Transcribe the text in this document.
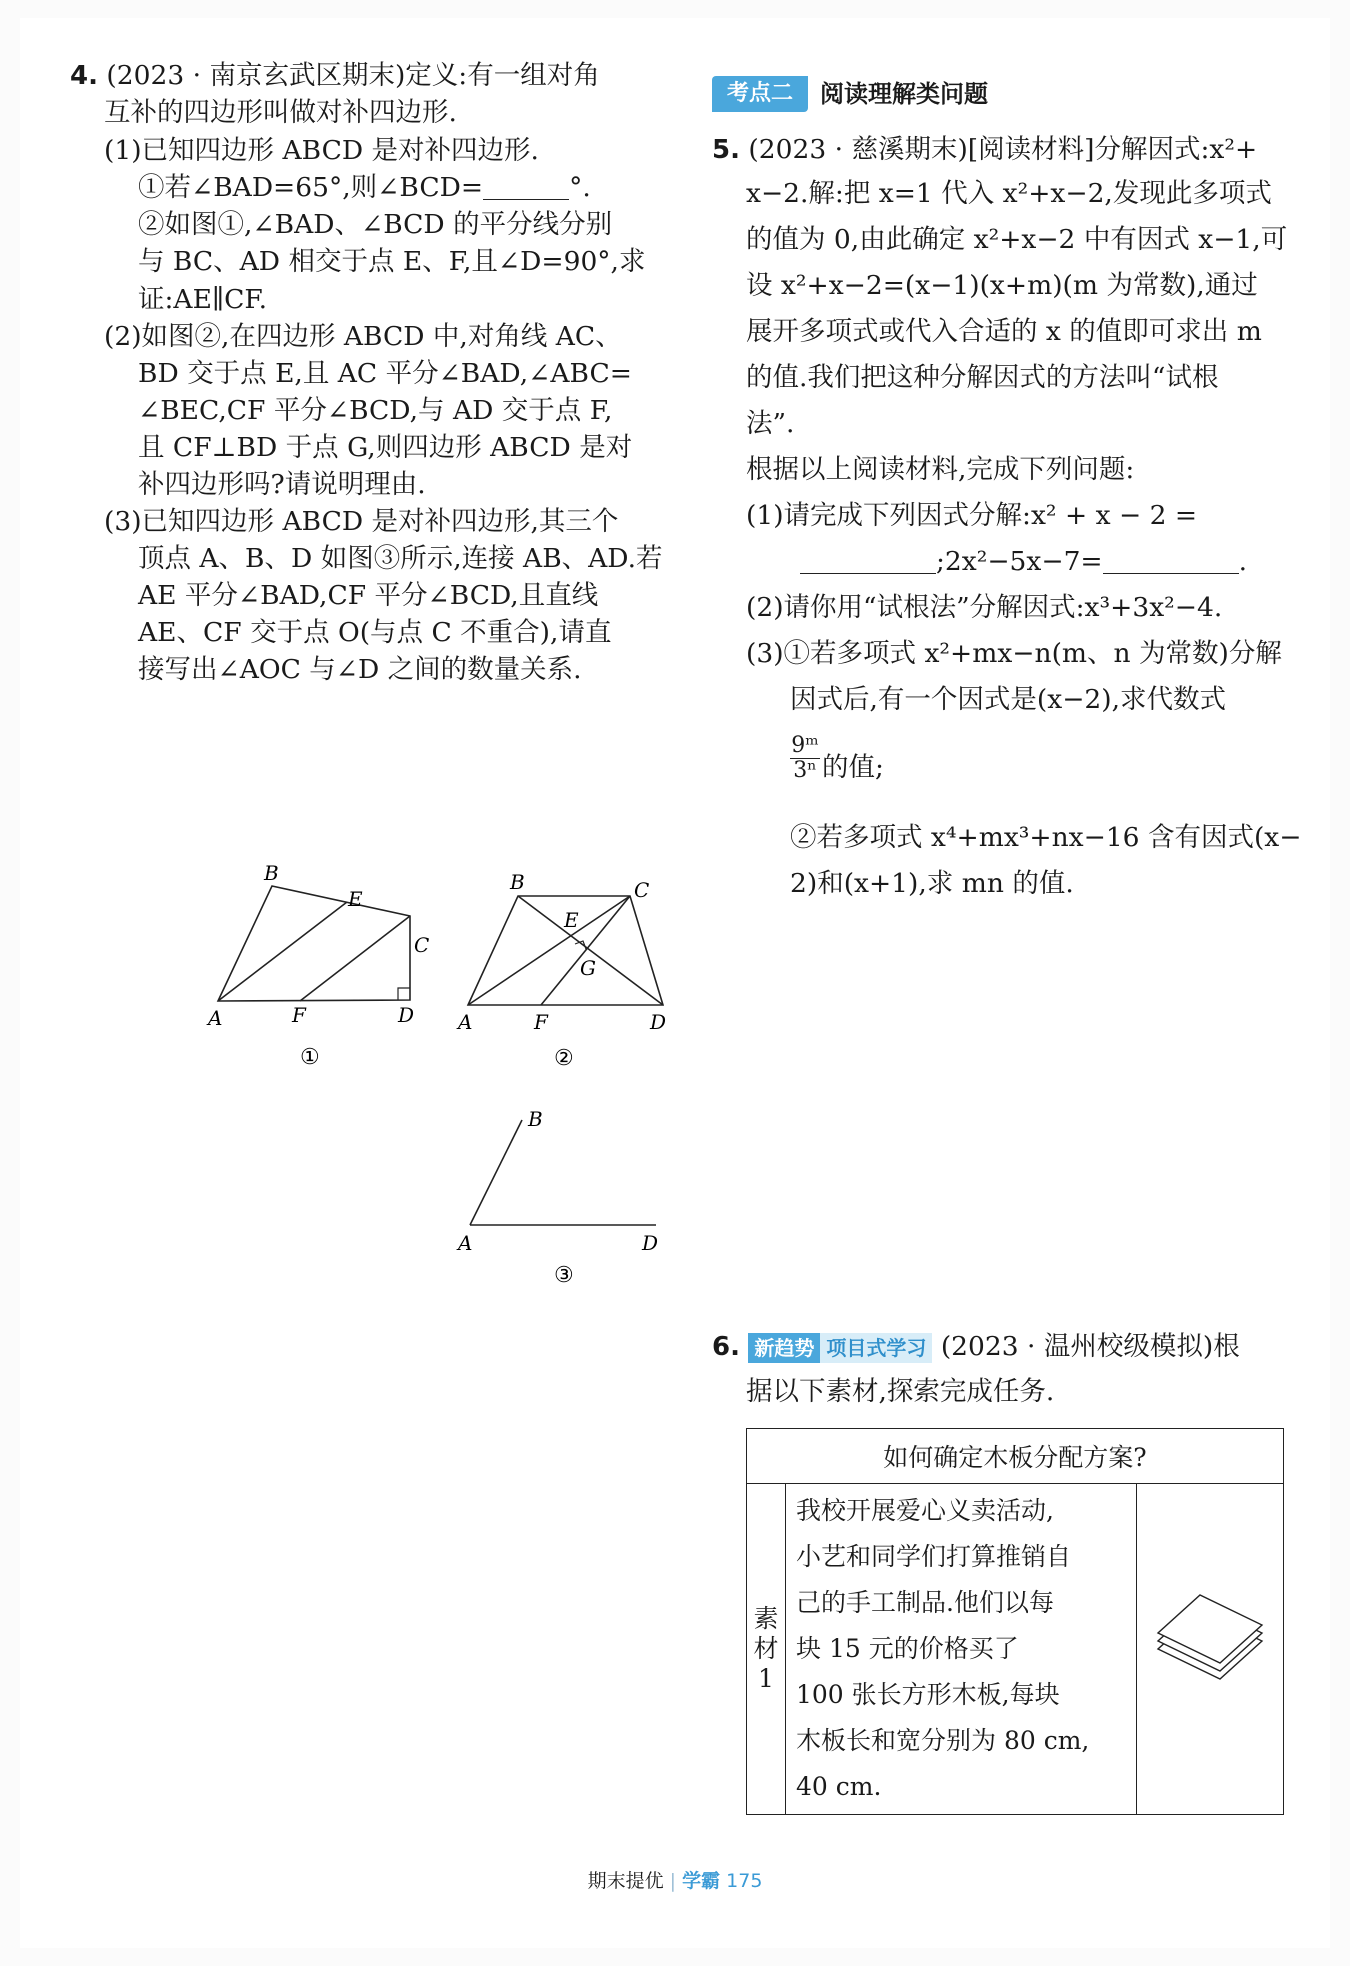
4. (2023 · 南京玄武区期末)定义:有一组对角
互补的四边形叫做对补四边形.
(1)已知四边形 ABCD 是对补四边形.
①若∠BAD=65°,则∠BCD=	°.
②如图①,∠BAD、∠BCD 的平分线分别
与 BC、AD 相交于点 E、F,且∠D=90°,求
证:AE∥CF.
(2)如图②,在四边形 ABCD 中,对角线 AC、
BD 交于点 E,且 AC 平分∠BAD,∠ABC=
∠BEC,CF 平分∠BCD,与 AD 交于点 F,
且 CF⊥BD 于点 G,则四边形 ABCD 是对
补四边形吗?请说明理由.
(3)已知四边形 ABCD 是对补四边形,其三个
顶点 A、B、D 如图③所示,连接 AB、AD.若
AE 平分∠BAD,CF 平分∠BCD,且直线
AE、CF 交于点 O(与点 C 不重合),请直
接写出∠AOC 与∠D 之间的数量关系.
A
B
C
D
E
F
①
A
B	C
D
E
F
G
②
A
B
D
③
考点二	阅读理解类问题
5. (2023 · 慈溪期末)[阅读材料]分解因式:x²+
x−2.解:把 x=1 代入 x²+x−2,发现此多项式
的值为 0,由此确定 x²+x−2 中有因式 x−1,可
设 x²+x−2=(x−1)(x+m)(m 为常数),通过
展开多项式或代入合适的 x 的值即可求出 m
的值.我们把这种分解因式的方法叫“试根
法”.
根据以上阅读材料,完成下列问题:
(1)请完成下列因式分解:x² + x − 2 =
;2x²−5x−7=	.
(2)请你用“试根法”分解因式:x³+3x²−4.
(3)①若多项式 x²+mx−n(m、n 为常数)分解
因式后,有一个因式是(x−2),求代数式
$\frac{\text{9ᵐ}}{\text{3ⁿ}}$ 的值;
②若多项式 x⁴+mx³+nx−16 含有因式(x−
2)和(x+1),求 mn 的值.
6. 新趋势 项目式学习 (2023 · 温州校级模拟)根
据以下素材,探索完成任务.
如何确定木板分配方案?

素
材
1

我校开展爱心义卖活动,
小艺和同学们打算推销自
己的手工制品.他们以每
块 15 元的价格买了
100 张长方形木板,每块
木板长和宽分别为 80 cm,
40 cm.

期末提优 | 学霸 175
